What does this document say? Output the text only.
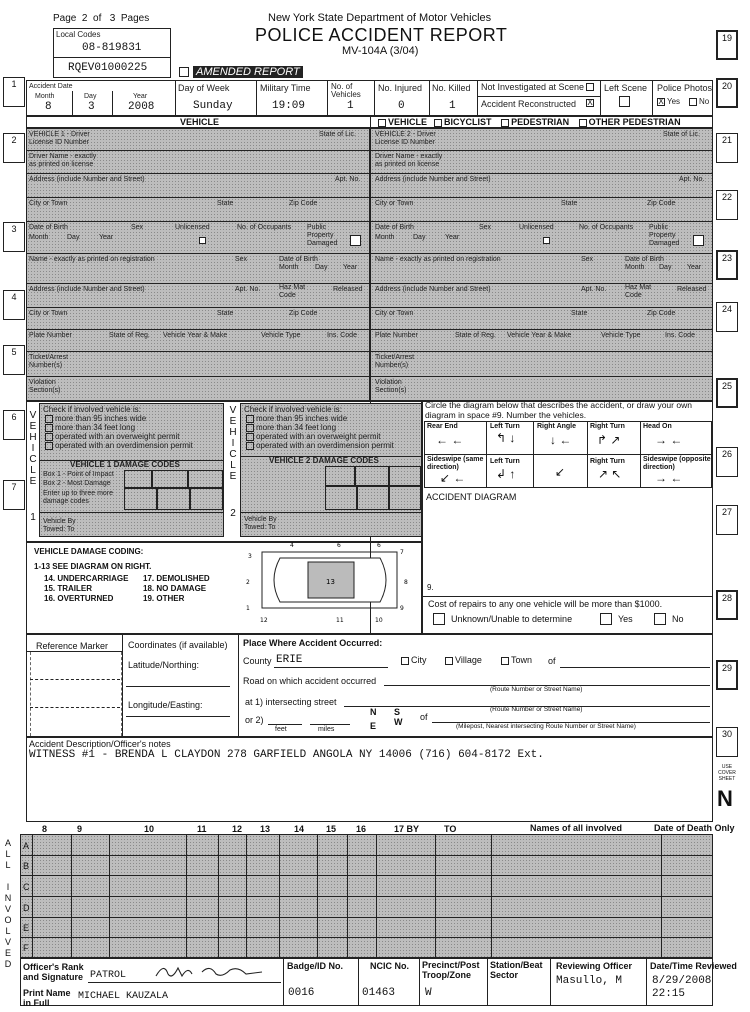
Page 2 of 3 Pages
Local Codes
08-819831
RQEV01000225	AMENDED REPORT
New York State Department of Motor Vehicles
POLICE ACCIDENT REPORT
MV-104A (3/04)
1
2
3
4
5
6
7
19
20
21
22
23
24
25
26
27
28
29
30
USE COVER SHEET
N
Accident Date
Month	Day	Year
8	3	2008
Day of Week
Sunday
Military Time
19:09
No. of Vehicles
1
No. Injured
0
No. Killed
1
Not Investigated at Scene
Accident Reconstructed X
Left Scene Police Photos
X Yes No
VEHICLE	VEHICLE BICYCLIST PEDESTRIAN OTHER PEDESTRIAN
VEHICLE 1 - Driver
License ID Number
State of Lic.
Driver Name - exactly
as printed on license
Address (include Number and Street)	Apt. No.
City or Town	State	Zip Code
Date of Birth
Month	Day	Year
Sex	Unlicensed	No. of Occupants Public Property Damaged
Name - exactly as printed on registration	Sex	Date of Birth
Month Day Year
Address (include Number and Street)	Apt. No.	Haz Mat Code
Released
City or Town	State	Zip Code
Plate Number	State of Reg. Vehicle Year & Make	Vehicle Type	Ins. Code
Ticket/Arrest Number(s)
Violation Section(s)
VEHICLE 2 - Driver
License ID Number
State of Lic.
Driver Name - exactly
as printed on license
Address (include Number and Street)	Apt. No.
City or Town	State	Zip Code
Date of Birth
Month	Day	Year
Sex	Unlicensed	No. of Occupants Public Property Damaged
Name - exactly as printed on registration	Sex	Date of Birth
Month Day Year
Address (include Number and Street)	Apt. No.	Haz Mat Code
Released
City or Town	State	Zip Code
Plate Number	State of Reg. Vehicle Year & Make	Vehicle Type	Ins. Code
Ticket/Arrest Number(s)
Violation Section(s)
V
E
H
I
C
L
E
1
Check if involved vehicle is:
more than 95 inches wide
more than 34 feet long
operated with an overweight permit
operated with an overdimension permit
VEHICLE 1 DAMAGE CODES
Box 1 - Point of Impact
Box 2 - Most Damage
Enter up to three more damage codes
Vehicle By Towed: To
V
E
H
I
C
L
E
2
Check if involved vehicle is:
more than 95 inches wide
more than 34 feet long
operated with an overweight permit
operated with an overdimension permit
VEHICLE 2 DAMAGE CODES
Vehicle By Towed: To
VEHICLE DAMAGE CODING:
1-13 SEE DIAGRAM ON RIGHT.
14. UNDERCARRIAGE
15. TRAILER
16. OVERTURNED
17. DEMOLISHED
18. NO DAMAGE
19. OTHER
13
4	6	6
7
3
2	8
1	9
12	11	10
Circle the diagram below that describes the accident, or draw your own diagram in space #9. Number the vehicles.
Rear End
← ←
Left Turn
↰ ↓
Right Angle
↓ ←
Right Turn
↱ ↗
Head On
→ ←
Sideswipe (same direction)
↙ ←
Left Turn
↲ ↑	↙
Right Turn
↗ ↖
Sideswipe (opposite direction)
→ ←
ACCIDENT DIAGRAM
9.
Cost of repairs to any one vehicle will be more than $1000.
Unknown/Unable to determine	Yes	No
Reference Marker Coordinates (if available)
Latitude/Northing:
Longitude/Easting:
Place Where Accident Occurred:
County ERIE	City	Village	Town of
Road on which accident occurred
(Route Number or Street Name)
at 1) intersecting street
(Route Number or Street Name)
or 2)
feet	miles
N S
E W of
(Milepost, Nearest intersecting Route Number or Street Name)
Accident Description/Officer's notes
WITNESS #1 - BRENDA L CLAYDON 278 GARFIELD ANGOLA NY 14006 (716) 604-8172 Ext.
8	9	10	11	12 13	14 15 16	17 BY	TO	Names of all involved	Date of Death Only
A
L
L

I
N
V
O
L
V
E
D
A
B
C
D
E
F
Officer's Rank and Signature PATROL
Print Name in Full
MICHAEL KAUZALA
Badge/ID No.
0016
NCIC No.
01463
Precinct/Post Troop/Zone
W
Station/Beat Sector
Reviewing Officer
Masullo, M
Date/Time Reviewed
8/29/2008
22:15
